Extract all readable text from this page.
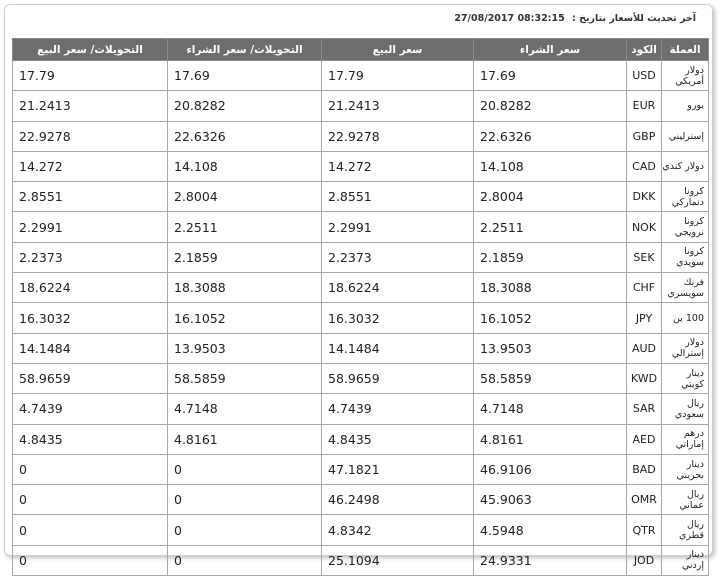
آخر تحديث للأسعار بتاريخ : 27/08/2017 08:32:15
العملة	الكود	سعر الشراء	سعر البيع	التحويلات/ سعر الشراء	التحويلات/ سعر البيع
دولار أمريكي	USD	17.69	17.79	17.69	17.79
يورو	EUR	20.8282	21.2413	20.8282	21.2413
إسترليني	GBP	22.6326	22.9278	22.6326	22.9278
دولار كندي	CAD	14.108	14.272	14.108	14.272
كرونا دنماركي	DKK	2.8004	2.8551	2.8004	2.8551
كرونا نرويجي	NOK	2.2511	2.2991	2.2511	2.2991
كرونا سويدي	SEK	2.1859	2.2373	2.1859	2.2373
فرنك سويسري	CHF	18.3088	18.6224	18.3088	18.6224
100 ين	JPY	16.1052	16.3032	16.1052	16.3032
دولار إسترالي	AUD	13.9503	14.1484	13.9503	14.1484
دينار كويتي	KWD	58.5859	58.9659	58.5859	58.9659
ريال سعودي	SAR	4.7148	4.7439	4.7148	4.7439
درهم إماراتي	AED	4.8161	4.8435	4.8161	4.8435
دينار بحريني	BAD	46.9106	47.1821	0	0
ريال عماني	OMR	45.9063	46.2498	0	0
ريال قطري	QTR	4.5948	4.8342	0	0
دينار إردني	JOD	24.9331	25.1094	0	0
